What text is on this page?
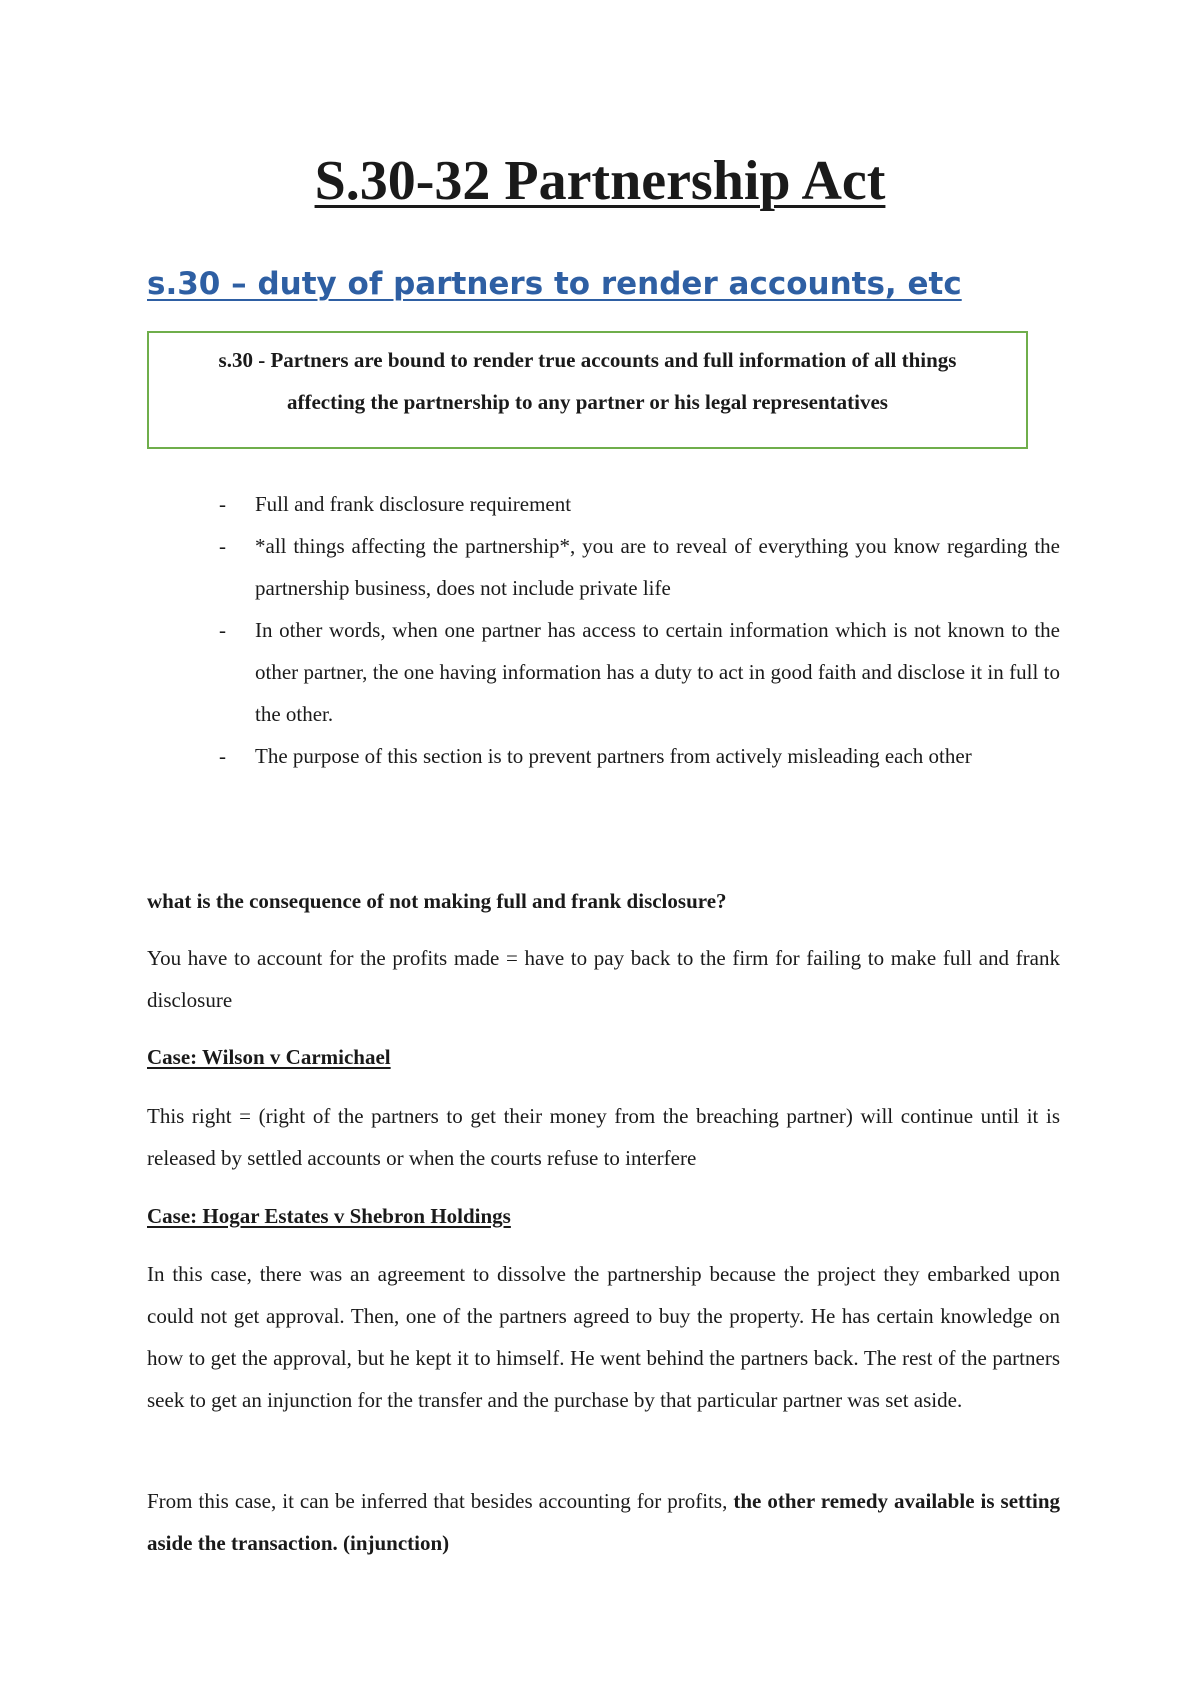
S.30-32 Partnership Act
s.30 – duty of partners to render accounts, etc
s.30 - Partners are bound to render true accounts and full information of all things affecting the partnership to any partner or his legal representatives
- Full and frank disclosure requirement
- *all things affecting the partnership*, you are to reveal of everything you know regarding the partnership business, does not include private life
- In other words, when one partner has access to certain information which is not known to the other partner, the one having information has a duty to act in good faith and disclose it in full to the other.
- The purpose of this section is to prevent partners from actively misleading each other

what is the consequence of not making full and frank disclosure?

You have to account for the profits made = have to pay back to the firm for failing to make full and frank disclosure

Case: Wilson v Carmichael

This right = (right of the partners to get their money from the breaching partner) will continue until it is released by settled accounts or when the courts refuse to interfere

Case: Hogar Estates v Shebron Holdings

In this case, there was an agreement to dissolve the partnership because the project they embarked upon could not get approval. Then, one of the partners agreed to buy the property. He has certain knowledge on how to get the approval, but he kept it to himself. He went behind the partners back. The rest of the partners seek to get an injunction for the transfer and the purchase by that particular partner was set aside.

From this case, it can be inferred that besides accounting for profits, the other remedy available is setting aside the transaction. (injunction)
